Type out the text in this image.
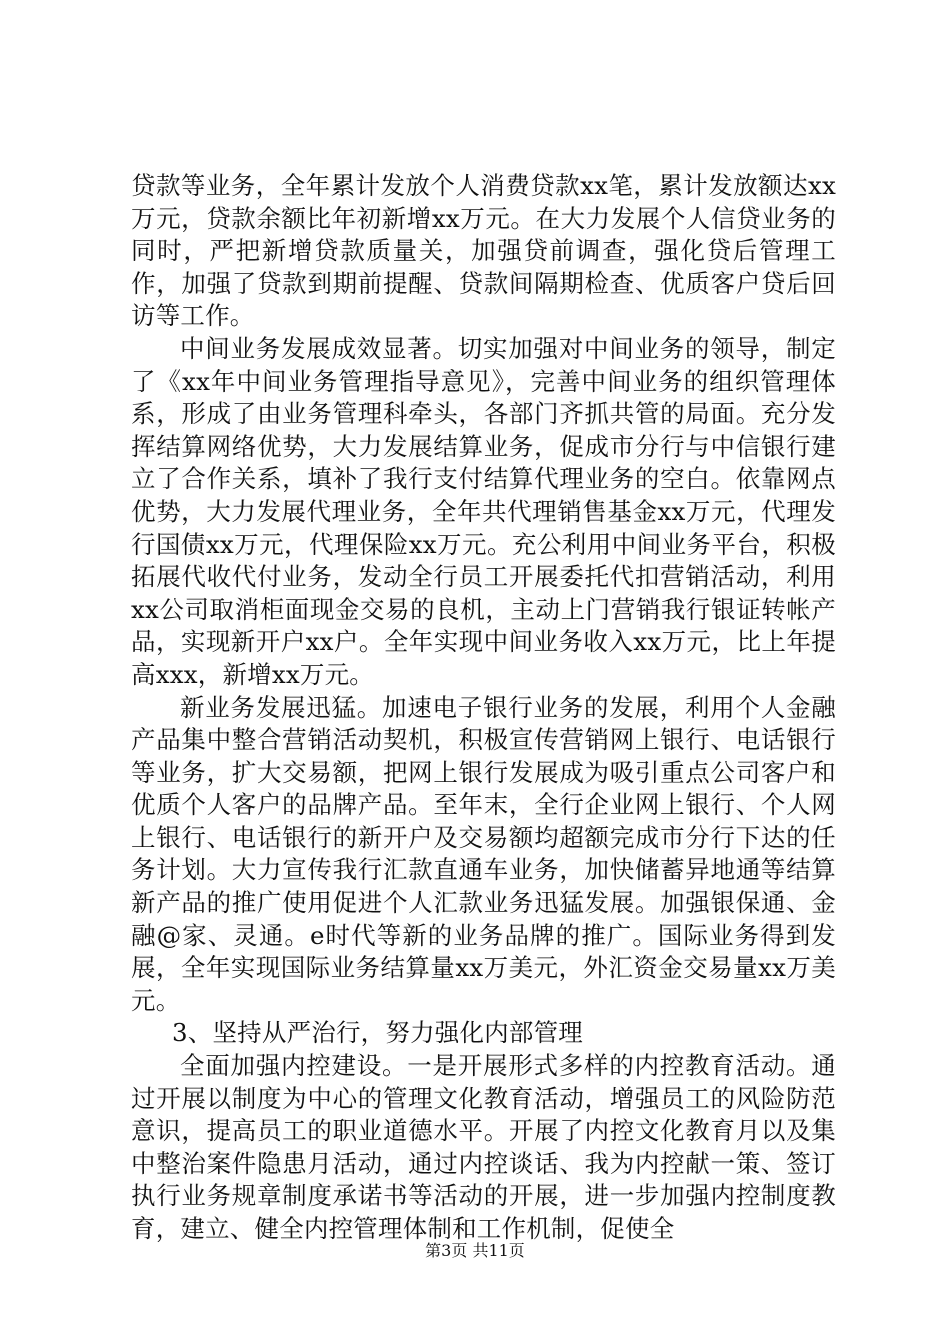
贷款等业务，全年累计发放个人消费贷款xx笔，累计发放额达xx万元，贷款余额比年初新增xx万元。在大力发展个人信贷业务的同时，严把新增贷款质量关，加强贷前调查，强化贷后管理工作，加强了贷款到期前提醒、贷款间隔期检查、优质客户贷后回访等工作。

中间业务发展成效显著。切实加强对中间业务的领导，制定了《xx年中间业务管理指导意见》，完善中间业务的组织管理体系，形成了由业务管理科牵头，各部门齐抓共管的局面。充分发挥结算网络优势，大力发展结算业务，促成市分行与中信银行建立了合作关系，填补了我行支付结算代理业务的空白。依靠网点优势，大力发展代理业务，全年共代理销售基金xx万元，代理发行国债xx万元，代理保险xx万元。充公利用中间业务平台，积极拓展代收代付业务，发动全行员工开展委托代扣营销活动，利用xx公司取消柜面现金交易的良机，主动上门营销我行银证转帐产品，实现新开户xx户。全年实现中间业务收入xx万元，比上年提高xxx，新增xx万元。

新业务发展迅猛。加速电子银行业务的发展，利用个人金融产品集中整合营销活动契机，积极宣传营销网上银行、电话银行等业务，扩大交易额，把网上银行发展成为吸引重点公司客户和优质个人客户的品牌产品。至年末，全行企业网上银行、个人网上银行、电话银行的新开户及交易额均超额完成市分行下达的任务计划。大力宣传我行汇款直通车业务，加快储蓄异地通等结算新产品的推广使用促进个人汇款业务迅猛发展。加强银保通、金融@家、灵通。e时代等新的业务品牌的推广。国际业务得到发展，全年实现国际业务结算量xx万美元，外汇资金交易量xx万美元。

3、坚持从严治行，努力强化内部管理

全面加强内控建设。一是开展形式多样的内控教育活动。通过开展以制度为中心的管理文化教育活动，增强员工的风险防范意识，提高员工的职业道德水平。开展了内控文化教育月以及集中整治案件隐患月活动，通过内控谈话、我为内控献一策、签订执行业务规章制度承诺书等活动的开展，进一步加强内控制度教育，建立、健全内控管理体制和工作机制，促使全

第3页 共11页
